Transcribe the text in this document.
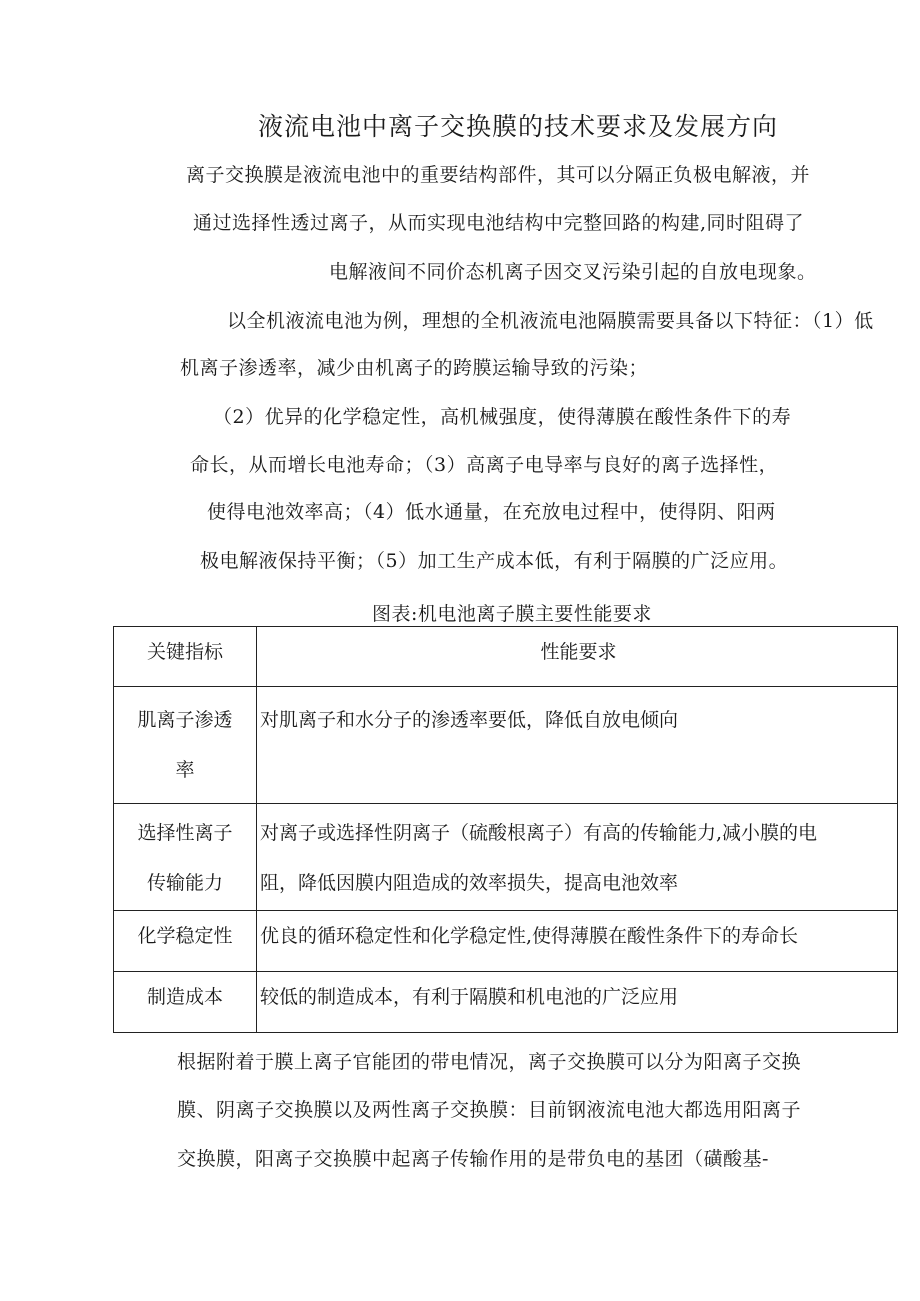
液流电池中离子交换膜的技术要求及发展方向
离子交换膜是液流电池中的重要结构部件，其可以分隔正负极电解液，并
通过选择性透过离子，从而实现电池结构中完整回路的构建,同时阻碍了
电解液间不同价态机离子因交叉污染引起的自放电现象。
以全机液流电池为例，理想的全机液流电池隔膜需要具备以下特征：（1）低
机离子渗透率，减少由机离子的跨膜运输导致的污染；
（2）优异的化学稳定性，高机械强度，使得薄膜在酸性条件下的寿
命长，从而增长电池寿命；（3）高离子电导率与良好的离子选择性，
使得电池效率高；（4）低水通量，在充放电过程中，使得阴、阳两
极电解液保持平衡；（5）加工生产成本低，有利于隔膜的广泛应用。
图表:机电池离子膜主要性能要求
关键指标	性能要求

肌离子渗透
率	对肌离子和水分子的渗透率要低，降低自放电倾向

选择性离子
传输能力	对离子或选择性阴离子（硫酸根离子）有高的传输能力,减小膜的电
阻，降低因膜内阻造成的效率损失，提高电池效率

化学稳定性	优良的循环稳定性和化学稳定性,使得薄膜在酸性条件下的寿命长

制造成本	较低的制造成本，有利于隔膜和机电池的广泛应用
根据附着于膜上离子官能团的带电情况，离子交换膜可以分为阳离子交换
膜、阴离子交换膜以及两性离子交换膜：目前钢液流电池大都选用阳离子
交换膜，阳离子交换膜中起离子传输作用的是带负电的基团（磺酸基-
